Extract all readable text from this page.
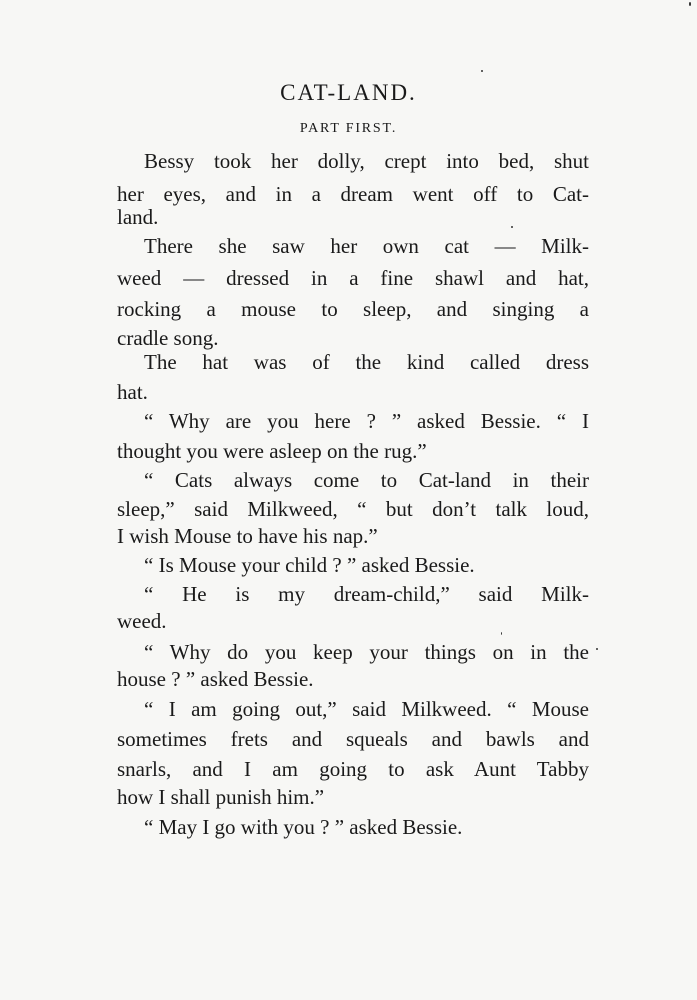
CAT-LAND.
PART FIRST.
Bessy took her dolly, crept into bed, shut
her eyes, and in a dream went off to Cat-
land.
There she saw her own cat — Milk-
weed — dressed in a fine shawl and hat,
rocking a mouse to sleep, and singing a
cradle song.
The hat was of the kind called dress
hat.
“ Why are you here ? ” asked Bessie. “ I
thought you were asleep on the rug.”
“ Cats always come to Cat-land in their
sleep,” said Milkweed, “ but don’t talk loud,
I wish Mouse to have his nap.”
“ Is Mouse your child ? ” asked Bessie.
“ He is my dream-child,” said Milk-
weed.
“ Why do you keep your things on in the
house ? ” asked Bessie.
“ I am going out,” said Milkweed. “ Mouse
sometimes frets and squeals and bawls and
snarls, and I am going to ask Aunt Tabby
how I shall punish him.”
“ May I go with you ? ” asked Bessie.
